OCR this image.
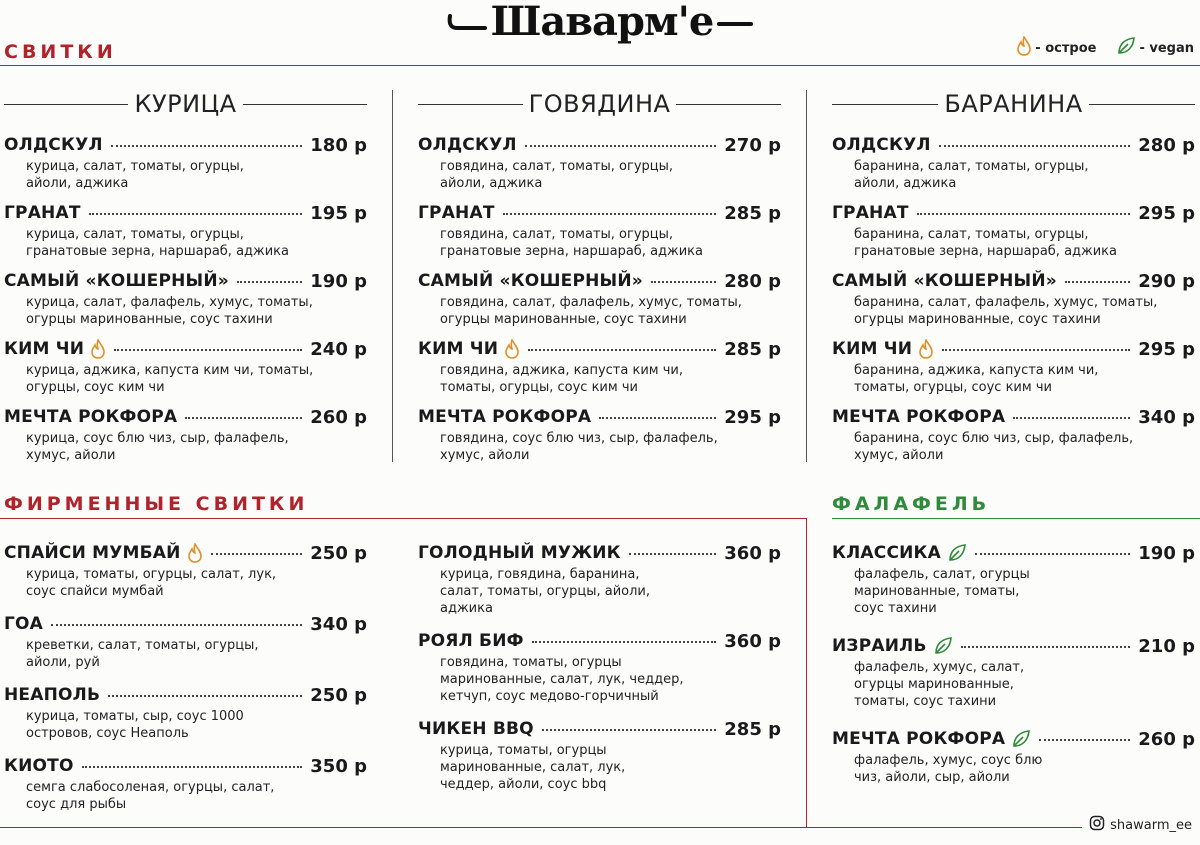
Шаварм'е
СВИТКИ	- острое	- vegan
КУРИЦА
ОЛДСКУЛ	180 р
курица, салат, томаты, огурцы,
айоли, аджика
ГРАНАТ	195 р
курица, салат, томаты, огурцы,
гранатовые зерна, наршараб, аджика
САМЫЙ «КОШЕРНЫЙ»	190 р
курица, салат, фалафель, хумус, томаты,
огурцы маринованные, соус тахини
КИМ ЧИ	240 р
курица, аджика, капуста ким чи, томаты,
огурцы, соус ким чи
МЕЧТА РОКФОРА	260 р
курица, соус блю чиз, сыр, фалафель,
хумус, айоли
ГОВЯДИНА
ОЛДСКУЛ	270 р
говядина, салат, томаты, огурцы,
айоли, аджика
ГРАНАТ	285 р
говядина, салат, томаты, огурцы,
гранатовые зерна, наршараб, аджика
САМЫЙ «КОШЕРНЫЙ»	280 р
говядина, салат, фалафель, хумус, томаты,
огурцы маринованные, соус тахини
КИМ ЧИ	285 р
говядина, аджика, капуста ким чи,
томаты, огурцы, соус ким чи
МЕЧТА РОКФОРА	295 р
говядина, соус блю чиз, сыр, фалафель,
хумус, айоли
БАРАНИНА
ОЛДСКУЛ	280 р
баранина, салат, томаты, огурцы,
айоли, аджика
ГРАНАТ	295 р
баранина, салат, томаты, огурцы,
гранатовые зерна, наршараб, аджика
САМЫЙ «КОШЕРНЫЙ»	290 р
баранина, салат, фалафель, хумус, томаты,
огурцы маринованные, соус тахини
КИМ ЧИ	295 р
баранина, аджика, капуста ким чи,
томаты, огурцы, соус ким чи
МЕЧТА РОКФОРА	340 р
баранина, соус блю чиз, сыр, фалафель,
хумус, айоли
ФИРМЕННЫЕ СВИТКИ
СПАЙСИ МУМБАЙ	250 р
курица, томаты, огурцы, салат, лук,
соус спайси мумбай
ГОА	340 р
креветки, салат, томаты, огурцы,
айоли, руй
НЕАПОЛЬ	250 р
курица, томаты, сыр, соус 1000
островов, соус Неаполь
КИОТО	350 р
семга слабосоленая, огурцы, салат,
соус для рыбы
ГОЛОДНЫЙ МУЖИК	360 р
курица, говядина, баранина,
салат, томаты, огурцы, айоли,
аджика
РОЯЛ БИФ	360 р
говядина, томаты, огурцы
маринованные, салат, лук, чеддер,
кетчуп, соус медово-горчичный
ЧИКЕН BBQ	285 р
курица, томаты, огурцы
маринованные, салат, лук,
чеддер, айоли, соус bbq
ФАЛАФЕЛЬ
КЛАССИКА	190 р
фалафель, салат, огурцы
маринованные, томаты,
соус тахини
ИЗРАИЛЬ	210 р
фалафель, хумус, салат,
огурцы маринованные,
томаты, соус тахини
МЕЧТА РОКФОРА	260 р
фалафель, хумус, соус блю
чиз, айоли, сыр, айоли
shawarm_ee
